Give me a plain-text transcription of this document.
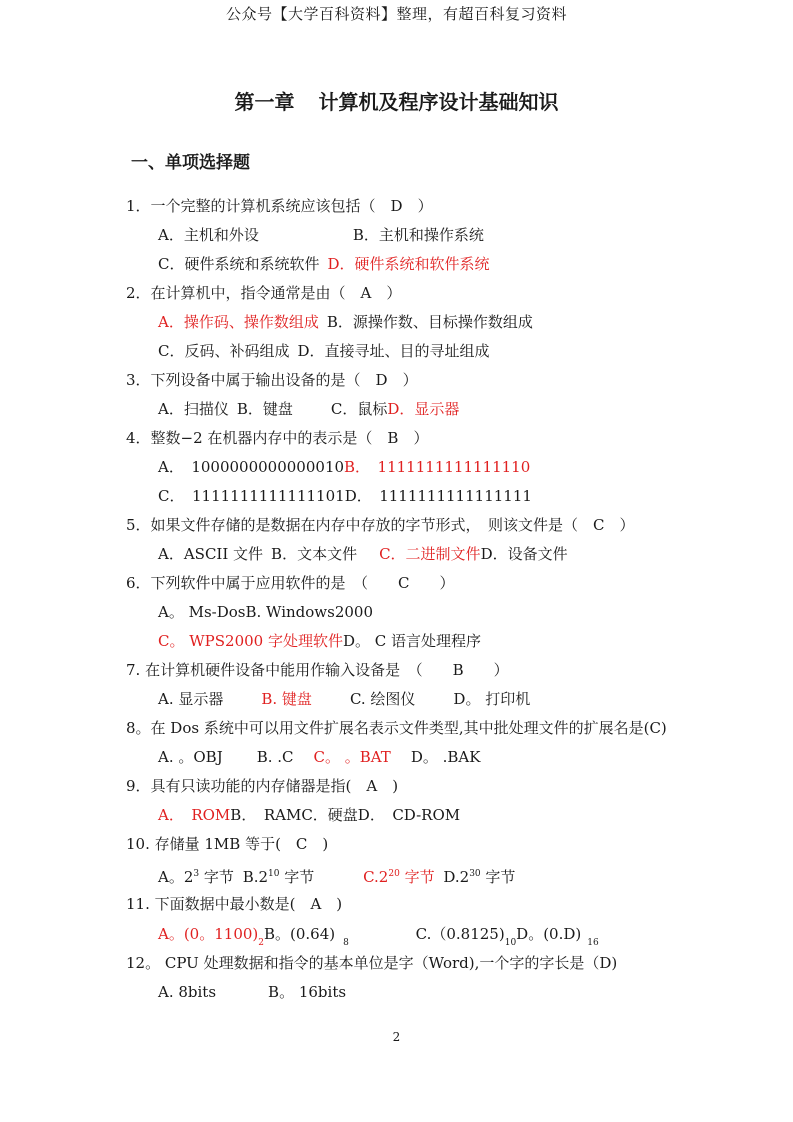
公众号【大学百科资料】整理，有超百科复习资料
第一章 计算机及程序设计基础知识
一、单项选择题
1．一个完整的计算机系统应该包括（　D　）
A．主机和外设	B．主机和操作系统
C．硬件系统和系统软件 D．硬件系统和软件系统
2．在计算机中，指令通常是由（　A　）
A．操作码、操作数组成 B．源操作数、目标操作数组成
C．反码、补码组成 D．直接寻址、目的寻址组成
3．下列设备中属于输出设备的是（　D　）
A．扫描仪 B．键盘	C．鼠标D．显示器
4．整数−2 在机器内存中的表示是（　B　）
A．　1000000000000010B．　1111111111111110
C．　1111111111111101D．　1111111111111111
5．如果文件存储的是数据在内存中存放的字节形式，　则该文件是（　C　）
A．ASCII 文件 B．文本文件 C．二进制文件D．设备文件
6．下列软件中属于应用软件的是　（　　C　　）
A。 Ms-DosB. Windows2000
C。 WPS2000 字处理软件D。 C 语言处理程序
7. 在计算机硬件设备中能用作输入设备是　（　　B　　）
A. 显示器	B. 键盘	C. 绘图仪	D。 打印机
8。在 Dos 系统中可以用文件扩展名表示文件类型,其中批处理文件的扩展名是(C)
A. 。OBJ B. .C C。 。BAT D。 .BAK
9．具有只读功能的内存储器是指(　A　)
A．　ROMB．　RAMC．硬盘D．　CD-ROM
10. 存储量 1MB 等于(　C　)
A。$2^3$ 字节 $B.2^{10}$ 字节	$C.2^{20}$ 字节 $D.2^{30}$ 字节
11. 下面数据中最小数是(　A　)
A。(0。$1100)_2B$。(0.64) $_8$	$C.(0.8125)_{10}D$。(0.D) $_{16}$
12。 CPU 处理数据和指令的基本单位是字（Word),一个字的字长是（D)
A. 8bits	B。 16bits
2
